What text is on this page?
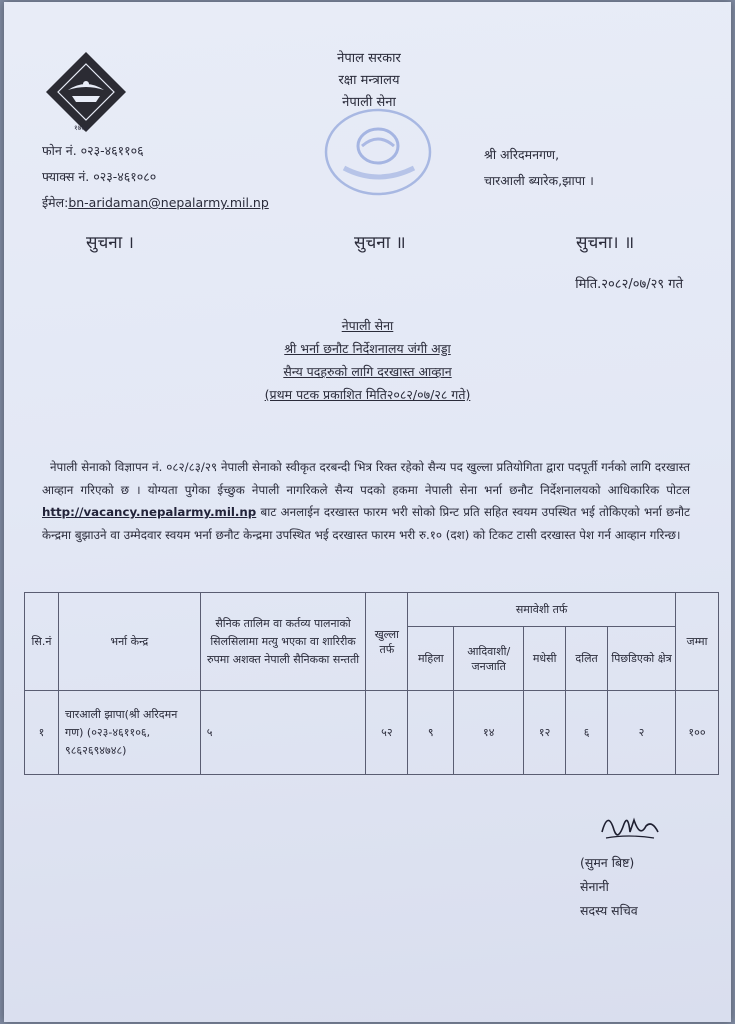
१७६३
नेपाल सरकार
रक्षा मन्त्रालय
नेपाली सेना
फोन नं. ०२३-४६११०६
फ्याक्स नं. ०२३-४६१०८०
ईमेल:bn-aridaman@nepalarmy.mil.np
श्री अरिदमनगण,
चारआली ब्यारेक,झापा ।
सुचना ।	सुचना ॥	सुचना। ॥
मिति.२०८२/०७/२९ गते
नेपाली सेना
श्री भर्ना छनौट निर्देशनालय जंगी अड्डा
सैन्य पदहरुको लागि दरखास्त आव्हान
(प्रथम पटक प्रकाशित मिति२०८२/०७/२८ गते)
नेपाली सेनाको विज्ञापन नं. ०८२/८३/२९ नेपाली सेनाको स्वीकृत दरबन्दी भित्र रिक्त रहेको सैन्य पद खुल्ला प्रतियोगिता द्वारा पदपूर्ती गर्नको लागि दरखास्त आव्हान गरिएको छ । योग्यता पुगेका ईच्छुक नेपाली नागरिकले सैन्य पदको हकमा नेपाली सेना भर्ना छनौट निर्देशनालयको आधिकारिक पोटल http://vacancy.nepalarmy.mil.np बाट अनलाईन दरखास्त फारम भरी सोको प्रिन्ट प्रति सहित स्वयम उपस्थित भई तोकिएको भर्ना छनौट केन्द्रमा बुझाउने वा उम्मेदवार स्वयम भर्ना छनौट केन्द्रमा उपस्थित भई दरखास्त फारम भरी रु.१० (दश) को टिकट टासी दरखास्त पेश गर्न आव्हान गरिन्छ।
सि.नं	भर्ना केन्द्र	सैनिक तालिम वा कर्तव्य पालनाको सिलसिलामा मत्यु भएका वा शारिरीक रुपमा अशक्त नेपाली सैनिकका सन्तती	खुल्ला तर्फ	समावेशी तर्फ					जम्मा
				महिला	आदिवाशी/ जनजाति	मधेसी	दलित	पिछडिएको क्षेत्र	
१	चारआली झापा(श्री अरिदमन गण) (०२३-४६११०६, ९८६२६९४७४८)	५	५२	९	१४	१२	६	२	१००
(सुमन बिष्ट)
सेनानी
सदस्य सचिव
